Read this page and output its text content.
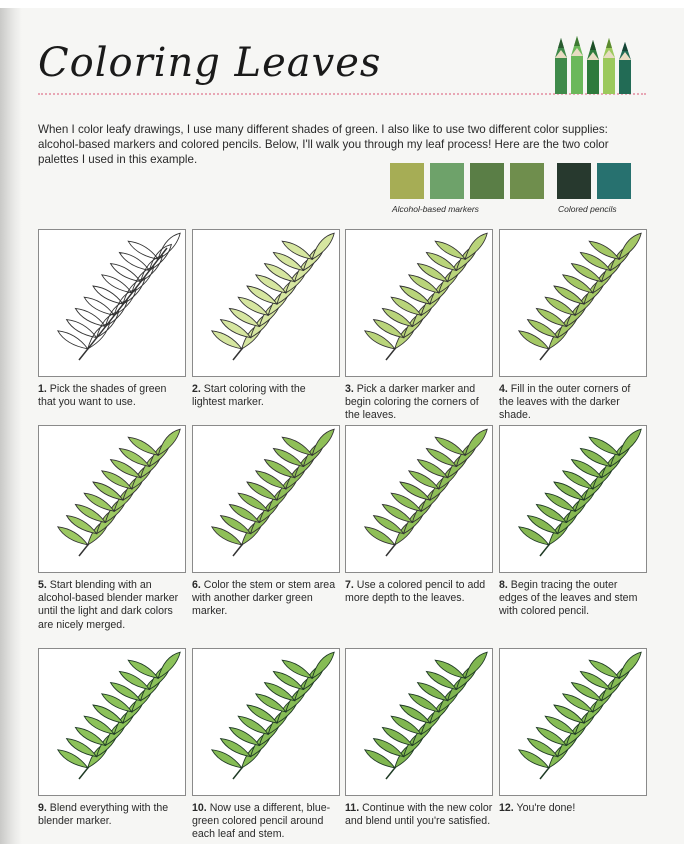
Coloring Leaves

When I color leafy drawings, I use many different shades of green. I also like to use two different color supplies: alcohol-based markers and colored pencils. Below, I'll walk you through my leaf process! Here are the two color palettes I used in this example.

Alcohol-based markers	Colored pencils
1. Pick the shades of green that you want to use.
2. Start coloring with the lightest marker.
3. Pick a darker marker and begin coloring the corners of the leaves.
4. Fill in the outer corners of the leaves with the darker shade.
5. Start blending with an alcohol-based blender marker until the light and dark colors are nicely merged.
6. Color the stem or stem area with another darker green marker.
7. Use a colored pencil to add more depth to the leaves.
8. Begin tracing the outer edges of the leaves and stem with colored pencil.
9. Blend everything with the blender marker.
10. Now use a different, blue-green colored pencil around each leaf and stem.
11. Continue with the new color and blend until you're satisfied.
12. You're done!
